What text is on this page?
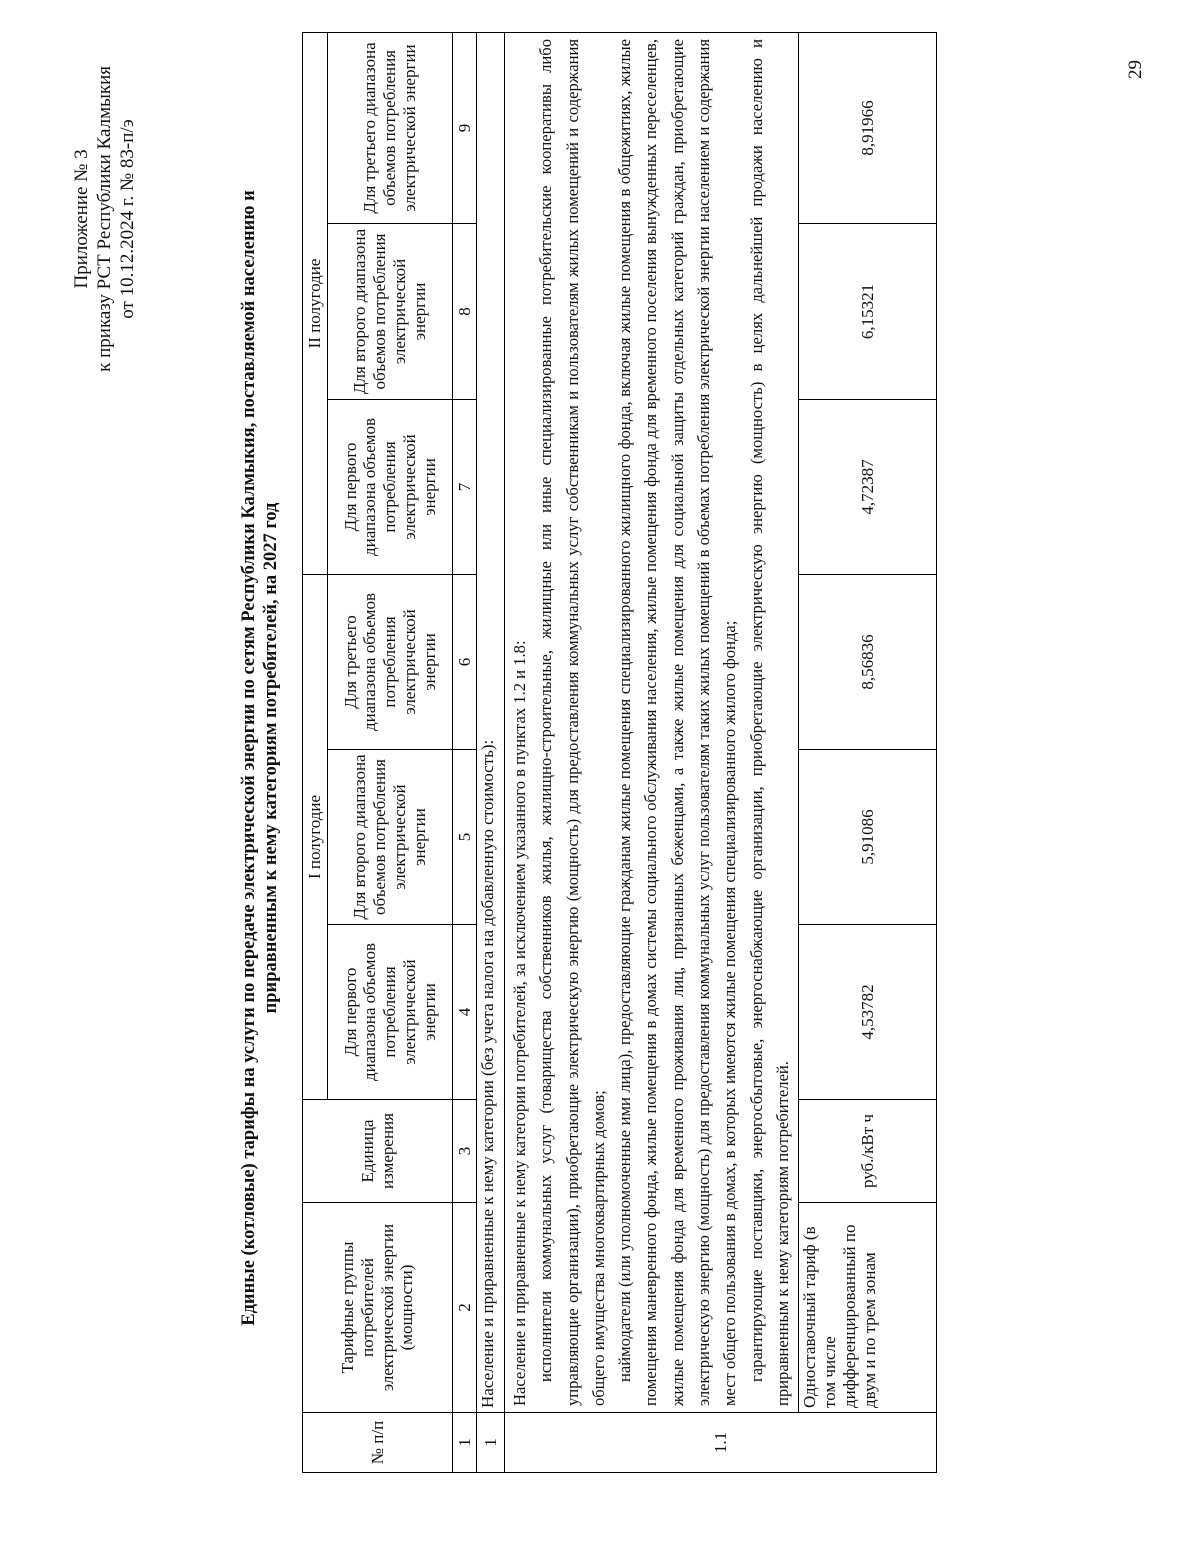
Приложение № 3 к приказу РСТ Республики Калмыкия от 10.12.2024 г. № 83-п/э	Единые (котловые) тарифы на услуги по передаче электрической энергии по сетям Республики Калмыкия, поставляемой населению и приравненным к нему категориям потребителей, на 2027 год
№ п/п	Тарифные группы потребителей электрической энергии (мощности)	Единица измерения	I полугодие			II полугодие		
			Для первого диапазона объемов потребления электрической энергии	Для второго диапазона объемов потребления электрической энергии	Для третьего диапазона объемов потребления электрической энергии	Для первого диапазона объемов потребления электрической энергии	Для второго диапазона объемов потребления электрической энергии	Для третьего диапазона объемов потребления электрической энергии
1	2	3	4	5	6	7	8	9
1	Население и приравненные к нему категории (без учета налога на добавленную стоимость):							
1.1	Население и приравненные к нему категории потребителей, за исключением указанного в пунктах 1.2 и 1.8: исполнители коммунальных услуг (товарищества собственников жилья, жилищно-строительные, жилищные или иные специализированные потребительские кооперативы либо управляющие организации), приобретающие электрическую энергию (мощность) для предоставления коммунальных услуг собственникам и пользователям жилых помещений и содержания общего имущества многоквартирных домов; наймодатели (или уполномоченные ими лица), предоставляющие гражданам жилые помещения специализированного жилищного фонда, включая жилые помещения в общежитиях, жилые помещения маневренного фонда, жилые помещения в домах системы социального обслуживания населения, жилые помещения фонда для временного поселения вынужденных переселенцев, жилые помещения фонда для временного проживания лиц, признанных беженцами, а также жилые помещения для социальной защиты отдельных категорий граждан, приобретающие электрическую энергию (мощность) для предоставления коммунальных услуг пользователям таких жилых помещений в объемах потребления электрической энергии населением и содержания мест общего пользования в домах, в которых имеются жилые помещения специализированного жилого фонда; гарантирующие поставщики, энергосбытовые, энергоснабжающие организации, приобретающие электрическую энергию (мощность) в целях дальнейшей продажи населению и приравненным к нему категориям потребителей.							

	Одноставочный тариф (в том числе дифференцированный по двум и по трем зонам	руб./кВт ч	4,53782	5,91086	8,56836	4,72387	6,15321	8,91966
29
